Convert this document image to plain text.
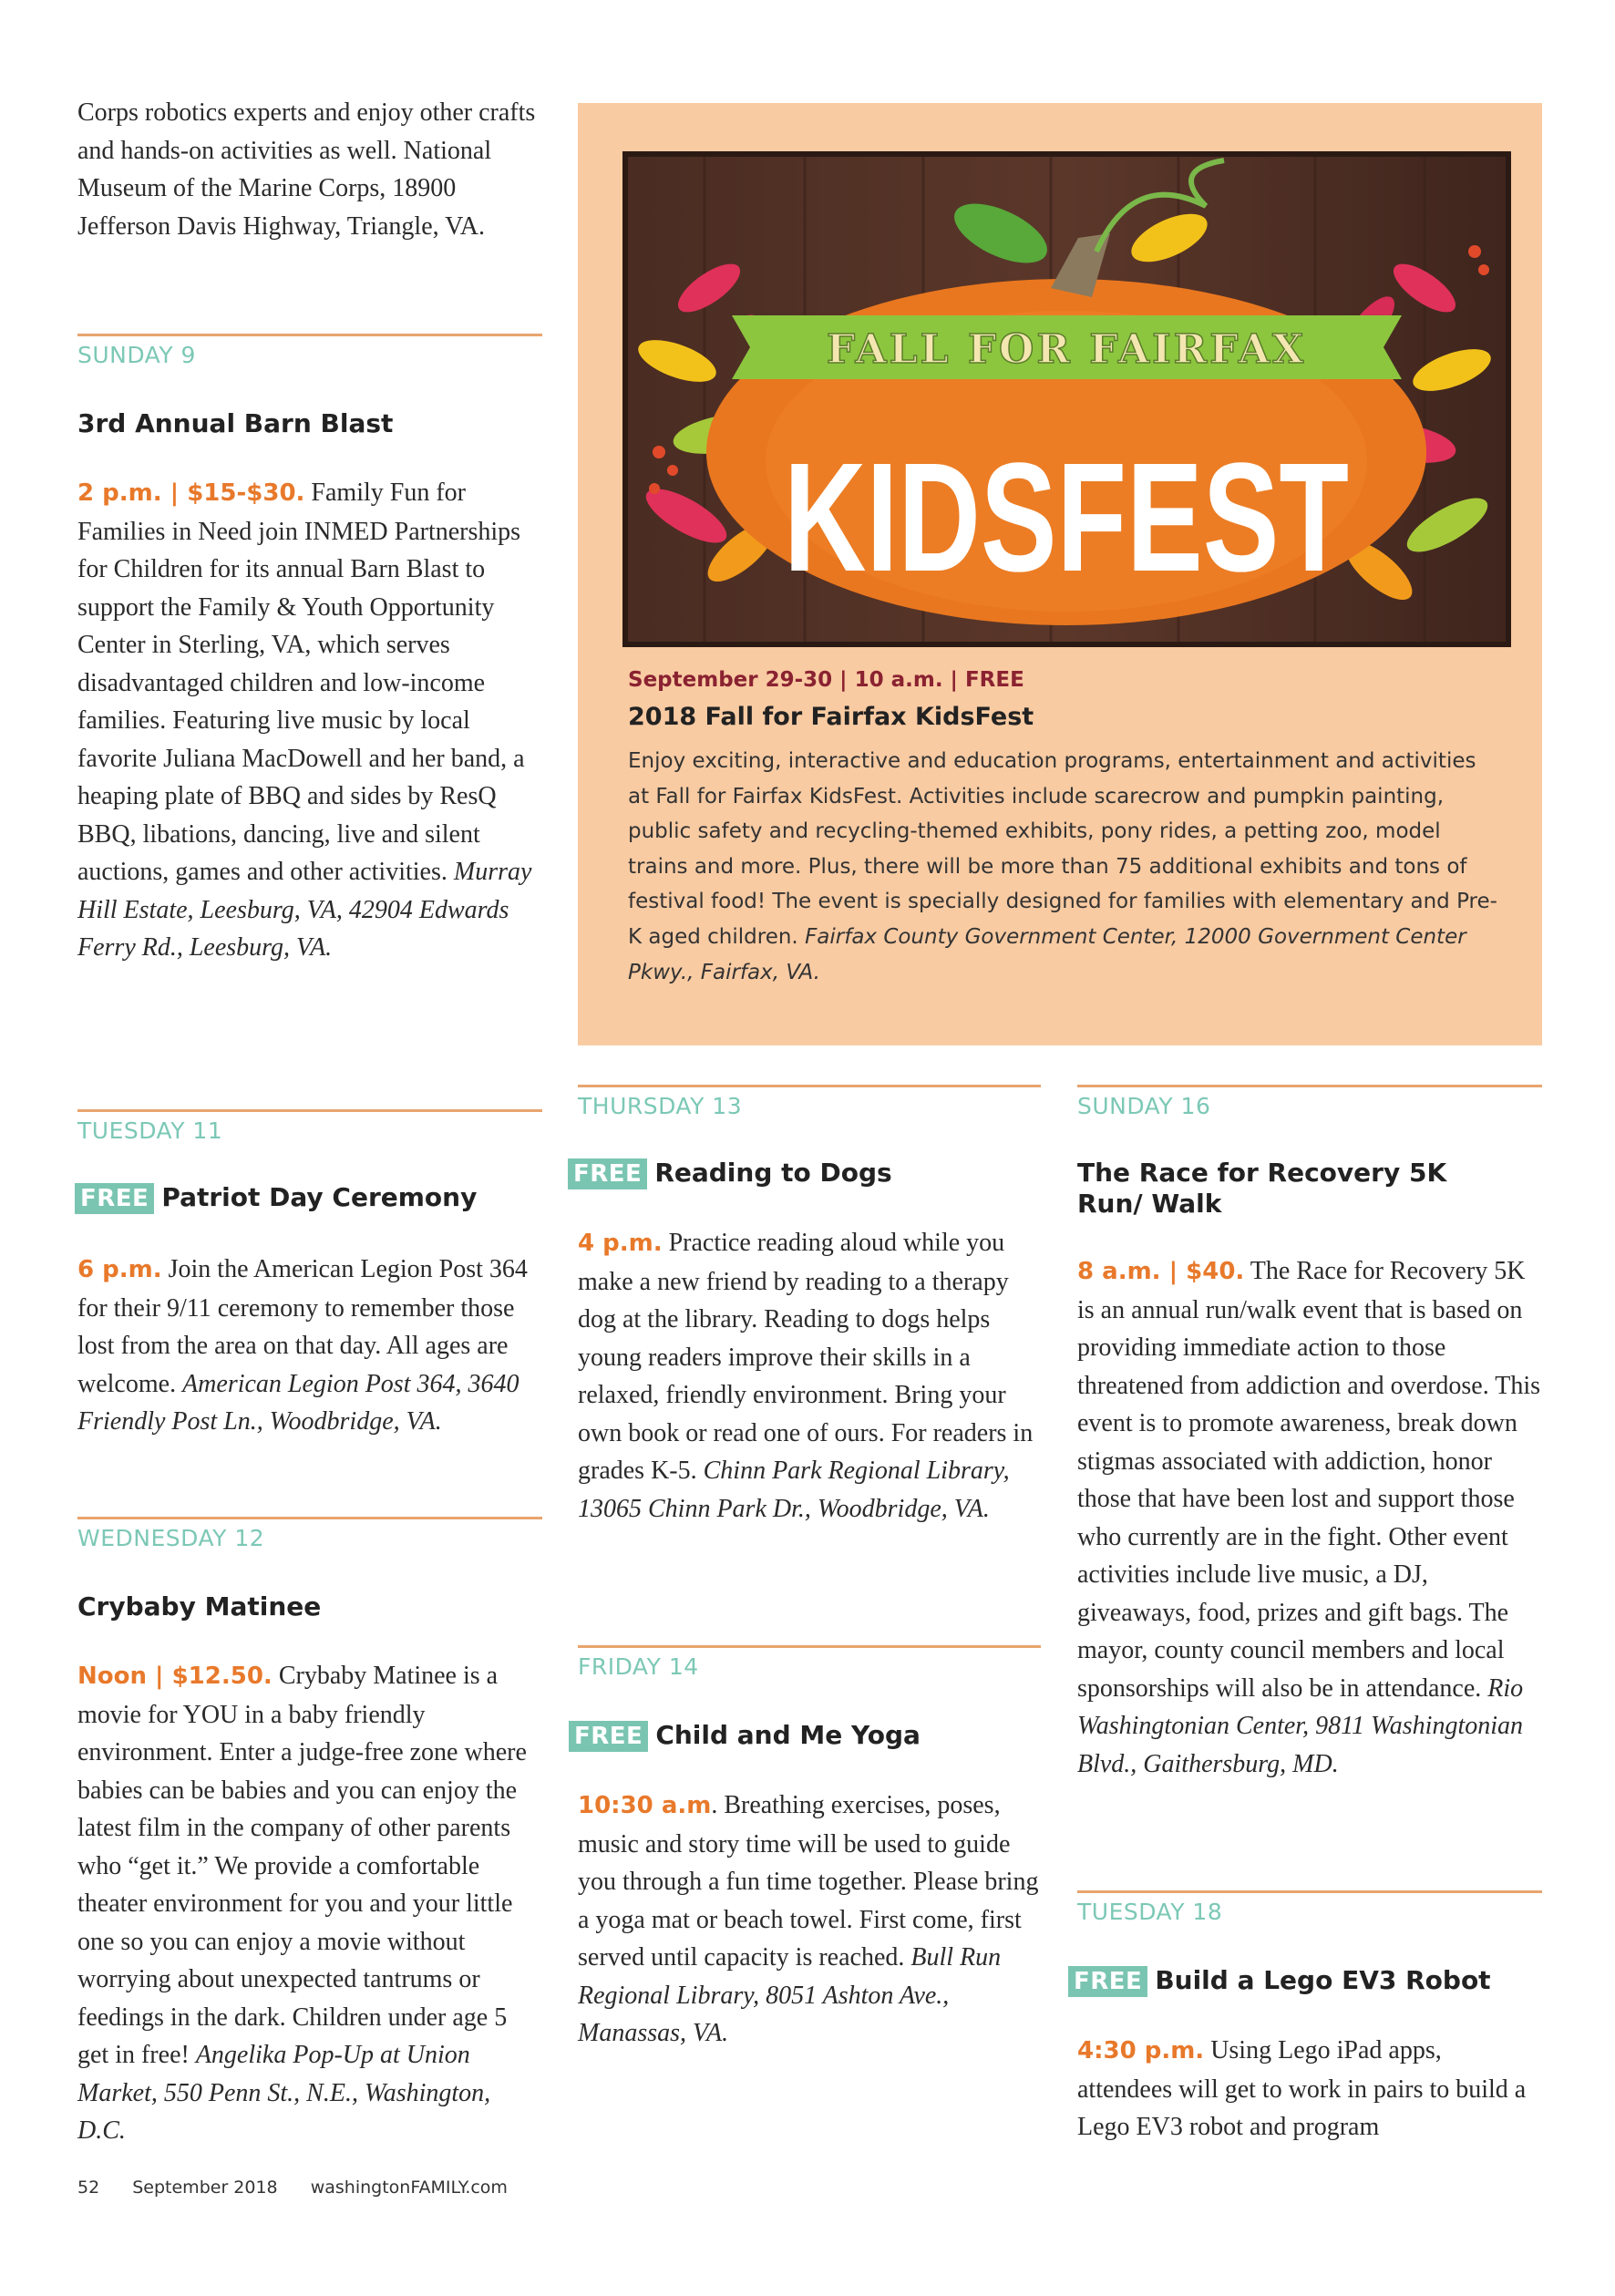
Corps robotics experts and enjoy other crafts and hands-on activities as well. National Museum of the Marine Corps, 18900 Jefferson Davis Highway, Triangle, VA.

SUNDAY 9

3rd Annual Barn Blast

2 p.m. | $15-$30. Family Fun for Families in Need join INMED Partnerships for Children for its annual Barn Blast to support the Family & Youth Opportunity Center in Sterling, VA, which serves disadvantaged children and low-income families. Featuring live music by local favorite Juliana MacDowell and her band, a heaping plate of BBQ and sides by ResQ BBQ, libations, dancing, live and silent auctions, games and other activities. Murray Hill Estate, Leesburg, VA, 42904 Edwards Ferry Rd., Leesburg, VA.

TUESDAY 11

FREE Patriot Day Ceremony

6 p.m. Join the American Legion Post 364 for their 9/11 ceremony to remember those lost from the area on that day. All ages are welcome. American Legion Post 364, 3640 Friendly Post Ln., Woodbridge, VA.

WEDNESDAY 12

Crybaby Matinee

Noon | $12.50. Crybaby Matinee is a movie for YOU in a baby friendly environment. Enter a judge-free zone where babies can be babies and you can enjoy the latest film in the company of other parents who “get it.” We provide a comfortable theater environment for you and your little one so you can enjoy a movie without worrying about unexpected tantrums or feedings in the dark. Children under age 5 get in free! Angelika Pop-Up at Union Market, 550 Penn St., N.E., Washington, D.C.

FALL FOR FAIRFAX
KIDSFEST

September 29-30 | 10 a.m. | FREE

2018 Fall for Fairfax KidsFest

Enjoy exciting, interactive and education programs, entertainment and activities at Fall for Fairfax KidsFest. Activities include scarecrow and pumpkin painting, public safety and recycling-themed exhibits, pony rides, a petting zoo, model trains and more. Plus, there will be more than 75 additional exhibits and tons of festival food! The event is specially designed for families with elementary and Pre-K aged children. Fairfax County Government Center, 12000 Government Center Pkwy., Fairfax, VA.

THURSDAY 13

FREE Reading to Dogs

4 p.m. Practice reading aloud while you make a new friend by reading to a therapy dog at the library. Reading to dogs helps young readers improve their skills in a relaxed, friendly environment. Bring your own book or read one of ours. For readers in grades K-5. Chinn Park Regional Library, 13065 Chinn Park Dr., Woodbridge, VA.

FRIDAY 14

FREE Child and Me Yoga

10:30 a.m. Breathing exercises, poses, music and story time will be used to guide you through a fun time together. Please bring a yoga mat or beach towel. First come, first served until capacity is reached. Bull Run Regional Library, 8051 Ashton Ave., Manassas, VA.

SUNDAY 16

The Race for Recovery 5K Run/ Walk

8 a.m. | $40. The Race for Recovery 5K is an annual run/walk event that is based on providing immediate action to those threatened from addiction and overdose. This event is to promote awareness, break down stigmas associated with addiction, honor those that have been lost and support those who currently are in the fight. Other event activities include live music, a DJ, giveaways, food, prizes and gift bags. The mayor, county council members and local sponsorships will also be in attendance. Rio Washingtonian Center, 9811 Washingtonian Blvd., Gaithersburg, MD.

TUESDAY 18

FREE Build a Lego EV3 Robot

4:30 p.m. Using Lego iPad apps, attendees will get to work in pairs to build a Lego EV3 robot and program

52 September 2018 washingtonFAMILY.com
